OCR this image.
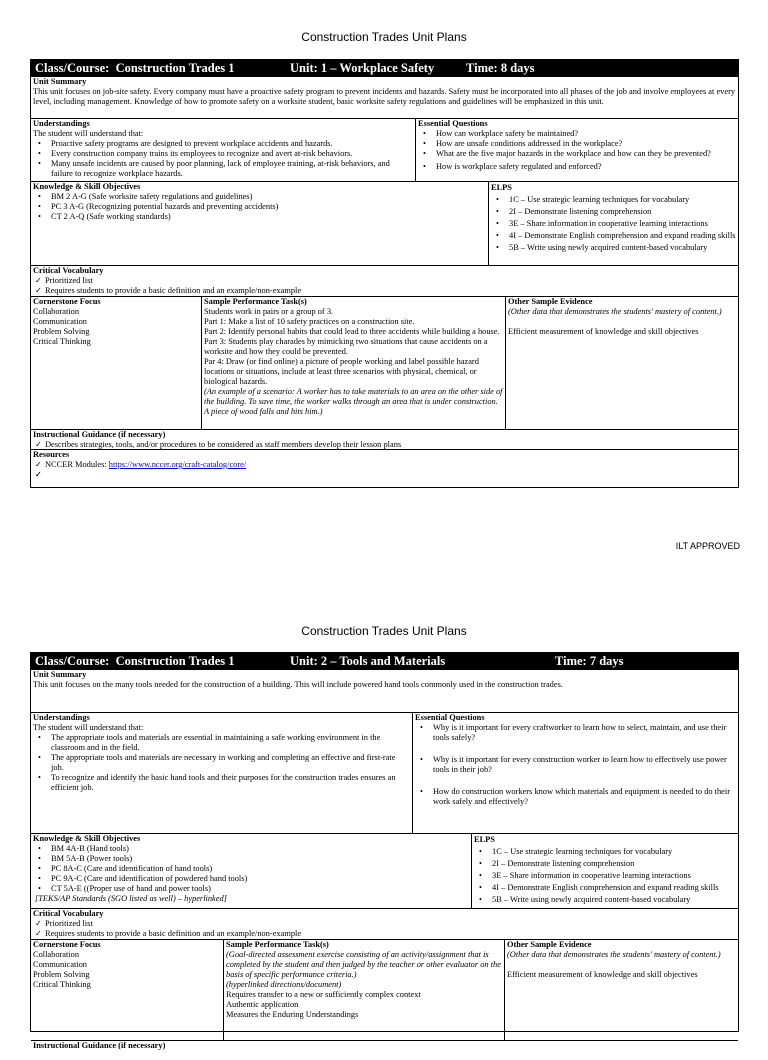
Construction Trades Unit Plans
Class/Course: Construction Trades 1	Unit: 1 – Workplace Safety	Time: 8 days
Unit Summary
This unit focuses on job-site safety. Every company must have a proactive safety program to prevent incidents and hazards. Safety must be incorporated into all phases of the job and involve employees at every level, including management. Knowledge of how to promote safety on a worksite student, basic worksite safety regulations and guidelines will be emphasized in this unit.
Understandings
The student will understand that:
• Proactive safety programs are designed to prevent workplace accidents and hazards.
• Every construction company trains its employees to recognize and avert at-risk behaviors.
• Many unsafe incidents are caused by poor planning, lack of employee training, at-risk behaviors, and failure to recognize workplace hazards.
Essential Questions
• How can workplace safety be maintained?
• How are unsafe conditions addressed in the workplace?
• What are the five major hazards in the workplace and how can they be prevented?
• How is workplace safety regulated and enforced?
Knowledge & Skill Objectives
• BM 2 A-G (Safe worksite safety regulations and guidelines)
• PC 3 A-G (Recognizing potential hazards and preventing accidents)
• CT 2 A-Q (Safe working standards)
ELPS
• 1C – Use strategic learning techniques for vocabulary
• 2I – Demonstrate listening comprehension
• 3E – Share information in cooperative learning interactions
• 4I – Demonstrate English comprehension and expand reading skills
• 5B – Write using newly acquired content-based vocabulary
Critical Vocabulary
✓ Prioritized list
✓ Requires students to provide a basic definition and an example/non-example
Cornerstone Focus
Collaboration
Communication
Problem Solving
Critical Thinking
Sample Performance Task(s)
Students work in pairs or a group of 3.
Part 1: Make a list of 10 safety practices on a construction site.
Part 2: Identify personal habits that could lead to three accidents while building a house.
Part 3: Students play charades by mimicking two situations that cause accidents on a worksite and how they could be prevented.
Par 4: Draw (or find online) a picture of people working and label possible hazard locations or situations, include at least three scenarios with physical, chemical, or biological hazards.
(An example of a scenario: A worker has to take materials to an area on the other side of the building. To save time, the worker walks through an area that is under construction. A piece of wood falls and hits him.)
Other Sample Evidence
(Other data that demonstrates the students' mastery of content.)

Efficient measurement of knowledge and skill objectives
Instructional Guidance (if necessary)
✓ Describes strategies, tools, and/or procedures to be considered as staff members develop their lesson plans
Resources
✓ NCCER Modules: https://www.nccer.org/craft-catalog/core/
ILT APPROVED
Construction Trades Unit Plans
Class/Course: Construction Trades 1	Unit: 2 – Tools and Materials	Time: 7 days
Unit Summary
This unit focuses on the many tools needed for the construction of a building. This will include powered hand tools commonly used in the construction trades.
Understandings
The student will understand that:
• The appropriate tools and materials are essential in maintaining a safe working environment in the classroom and in the field.
• The appropriate tools and materials are necessary in working and completing an effective and first-rate job.
• To recognize and identify the basic hand tools and their purposes for the construction trades ensures an efficient job.
Essential Questions
• Why is it important for every craftworker to learn how to select, maintain, and use their tools safely?
• Why is it important for every construction worker to learn how to effectively use power tools in their job?
• How do construction workers know which materials and equipment is needed to do their work safely and effectively?
Knowledge & Skill Objectives
• BM 4A-B (Hand tools)
• BM 5A-B (Power tools)
• PC 8A-C (Care and identification of hand tools)
• PC 9A-C (Care and identification of powdered hand tools)
• CT 5A-E ((Proper use of hand and power tools)
[TEKS/AP Standards (SGO listed as well) – hyperlinked]
ELPS
• 1C – Use strategic learning techniques for vocabulary
• 2I – Demonstrate listening comprehension
• 3E – Share information in cooperative learning interactions
• 4I – Demonstrate English comprehension and expand reading skills
• 5B – Write using newly acquired content-based vocabulary
Critical Vocabulary
✓ Prioritized list
✓ Requires students to provide a basic definition and an example/non-example
Cornerstone Focus
Collaboration
Communication
Problem Solving
Critical Thinking
Sample Performance Task(s)
(Goal-directed assessment exercise consisting of an activity/assignment that is completed by the student and then judged by the teacher or other evaluator on the basis of specific performance criteria.)
(hyperlinked directions/document)
Requires transfer to a new or sufficiently complex context
Authentic application
Measures the Enduring Understandings
Other Sample Evidence
(Other data that demonstrates the students' mastery of content.)

Efficient measurement of knowledge and skill objectives
Instructional Guidance (if necessary)
